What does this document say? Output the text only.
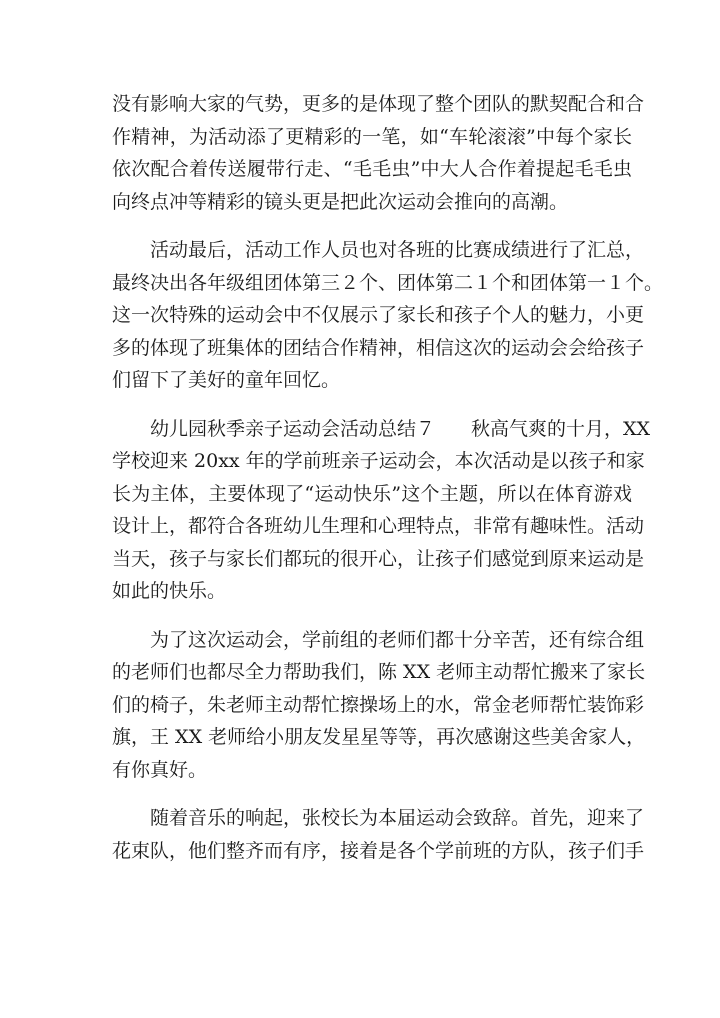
没有影响大家的气势，更多的是体现了整个团队的默契配合和合
作精神，为活动添了更精彩的一笔，如“车轮滚滚”中每个家长
依次配合着传送履带行走、“毛毛虫”中大人合作着提起毛毛虫
向终点冲等精彩的镜头更是把此次运动会推向的高潮。
活动最后，活动工作人员也对各班的比赛成绩进行了汇总，
最终决出各年级组团体第三２个、团体第二１个和团体第一１个。
这一次特殊的运动会中不仅展示了家长和孩子个人的魅力，小更
多的体现了班集体的团结合作精神，相信这次的运动会会给孩子
们留下了美好的童年回忆。
幼儿园秋季亲子运动会活动总结７ 秋高气爽的十月，XX
学校迎来 20xx 年的学前班亲子运动会，本次活动是以孩子和家
长为主体，主要体现了“运动快乐”这个主题，所以在体育游戏
设计上，都符合各班幼儿生理和心理特点，非常有趣味性。活动
当天，孩子与家长们都玩的很开心，让孩子们感觉到原来运动是
如此的快乐。
为了这次运动会，学前组的老师们都十分辛苦，还有综合组
的老师们也都尽全力帮助我们，陈 XX 老师主动帮忙搬来了家长
们的椅子，朱老师主动帮忙擦操场上的水，常金老师帮忙装饰彩
旗，王 XX 老师给小朋友发星星等等，再次感谢这些美舍家人，
有你真好。
随着音乐的响起，张校长为本届运动会致辞。首先，迎来了
花束队，他们整齐而有序，接着是各个学前班的方队，孩子们手
